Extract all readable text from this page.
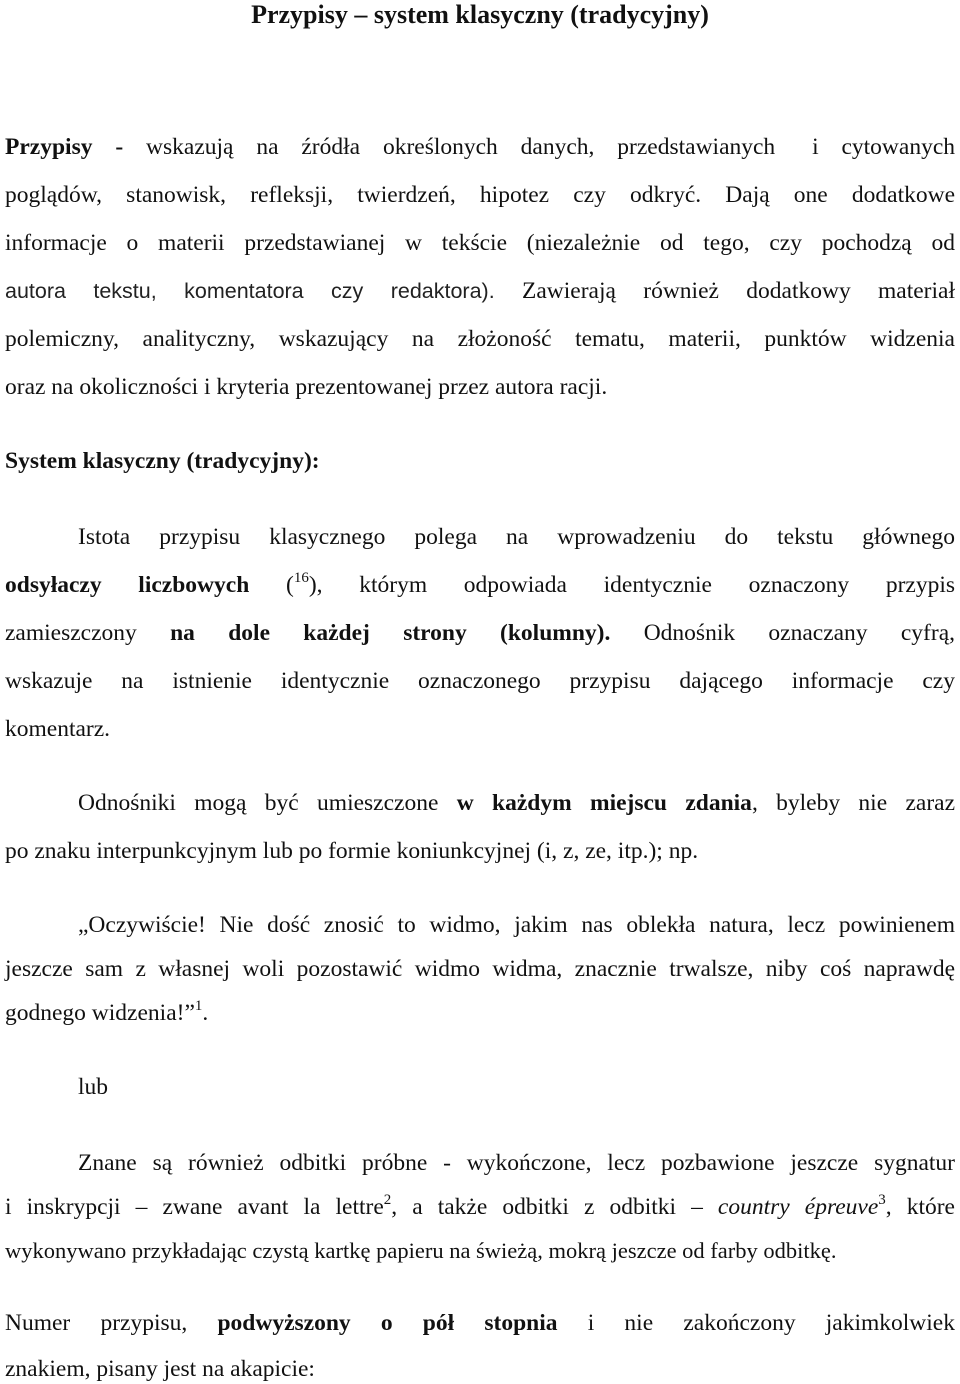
Przypisy – system klasyczny (tradycyjny)
Przypisy - wskazują na źródła określonych danych, przedstawianych i cytowanych
poglądów, stanowisk, refleksji, twierdzeń, hipotez czy odkryć. Dają one dodatkowe
informacje o materii przedstawianej w tekście (niezależnie od tego, czy pochodzą od
autora tekstu, komentatora czy redaktora). Zawierają również dodatkowy materiał
polemiczny, analityczny, wskazujący na złożoność tematu, materii, punktów widzenia
oraz na okoliczności i kryteria prezentowanej przez autora racji.
System klasyczny (tradycyjny):
Istota przypisu klasycznego polega na wprowadzeniu do tekstu głównego
odsyłaczy liczbowych ($^{16}$), którym odpowiada identycznie oznaczony przypis
zamieszczony na dole każdej strony (kolumny). Odnośnik oznaczany cyfrą,
wskazuje na istnienie identycznie oznaczonego przypisu dającego informacje czy
komentarz.
Odnośniki mogą być umieszczone w każdym miejscu zdania, byleby nie zaraz
po znaku interpunkcyjnym lub po formie koniunkcyjnej (i, z, ze, itp.); np.
„Oczywiście! Nie dość znosić to widmo, jakim nas oblekła natura, lecz powinienem
jeszcze sam z własnej woli pozostawić widmo widma, znacznie trwalsze, niby coś naprawdę
godnego widzenia!”$^1$.
lub
Znane są również odbitki próbne - wykończone, lecz pozbawione jeszcze sygnatur
i inskrypcji – zwane avant la lettre$^2$, a także odbitki z odbitki – country épreuve$^3$, które
wykonywano przykładając czystą kartkę papieru na świeżą, mokrą jeszcze od farby odbitkę.
Numer przypisu, podwyższony o pół stopnia i nie zakończony jakimkolwiek
znakiem, pisany jest na akapicie:
